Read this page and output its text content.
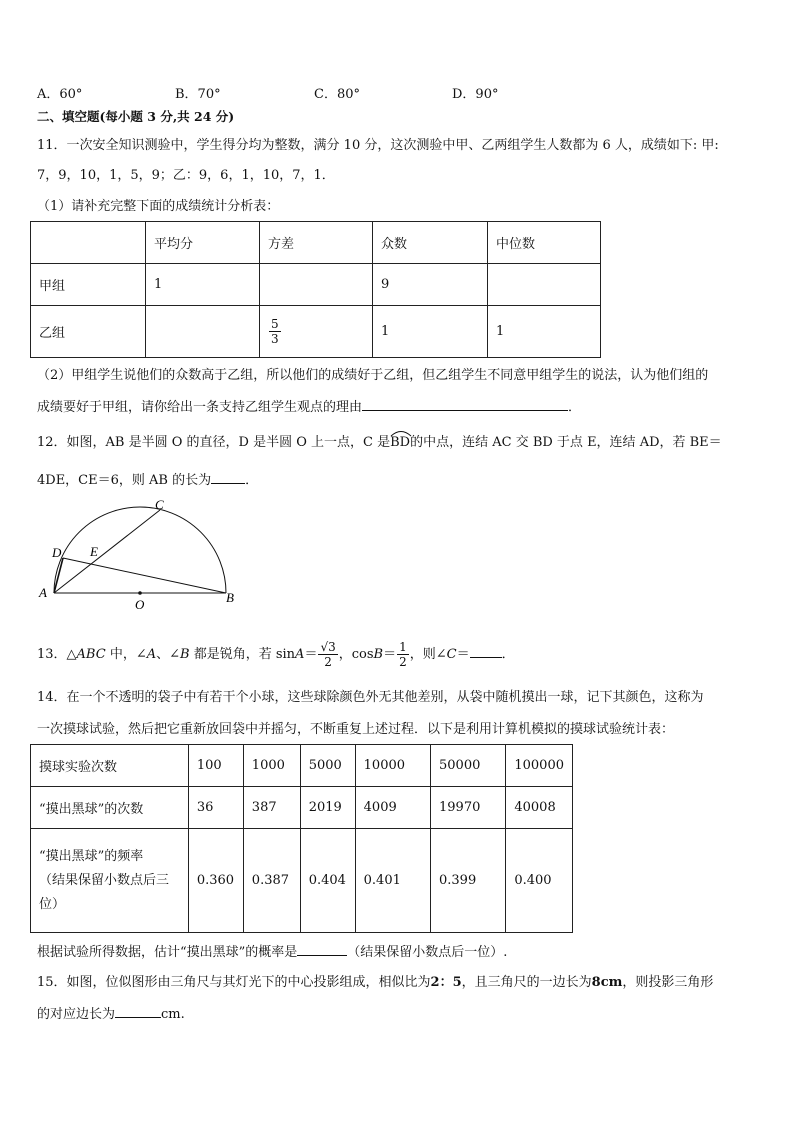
A．60°	B．70°	C．80°	D．90°
二、填空题(每小题 3 分,共 24 分)
11．一次安全知识测验中，学生得分均为整数，满分 10 分，这次测验中甲、乙两组学生人数都为 6 人，成绩如下: 甲:
7，9，10，1，5，9；乙：9，6，1，10，7，1．
（1）请补充完整下面的成绩统计分析表：
	平均分	方差	众数	中位数
甲组	1		9	
乙组		$\frac{5}{3}$	1	1
（2）甲组学生说他们的众数高于乙组，所以他们的成绩好于乙组，但乙组学生不同意甲组学生的说法，认为他们组的
成绩要好于甲组，请你给出一条支持乙组学生观点的理由	．
12．如图，AB 是半圆 O 的直径，D 是半圆 O 上一点，C 是BD
的中点，连结 AC 交 BD 于点 E，连结 AD，若 BE＝
4DE，CE＝6，则 AB 的长为	．
A	B
C
D E
O
13．△ABC 中，∠A、∠B 都是锐角，若 $\sin A= \frac{√3}{2}$ ，$\cos B= \frac{1}{2}$ ，则∠C＝ ．
14．在一个不透明的袋子中有若干个小球，这些球除颜色外无其他差别，从袋中随机摸出一球，记下其颜色，这称为
一次摸球试验，然后把它重新放回袋中并摇匀，不断重复上述过程．以下是利用计算机模拟的摸球试验统计表：
摸球实验次数	100	1000	5000	10000	50000	100000
“摸出黑球”的次数	36	387	2019	4009	19970	40008

“摸出黑球”的频率
（结果保留小数点后三
位）	0.360	0.387	0.404	0.401	0.399	0.400
根据试验所得数据，估计“摸出黑球”的概率是	（结果保留小数点后一位）.
15．如图，位似图形由三角尺与其灯光下的中心投影组成，相似比为2：5，且三角尺的一边长为8cm，则投影三角形
的对应边长为	cm.
